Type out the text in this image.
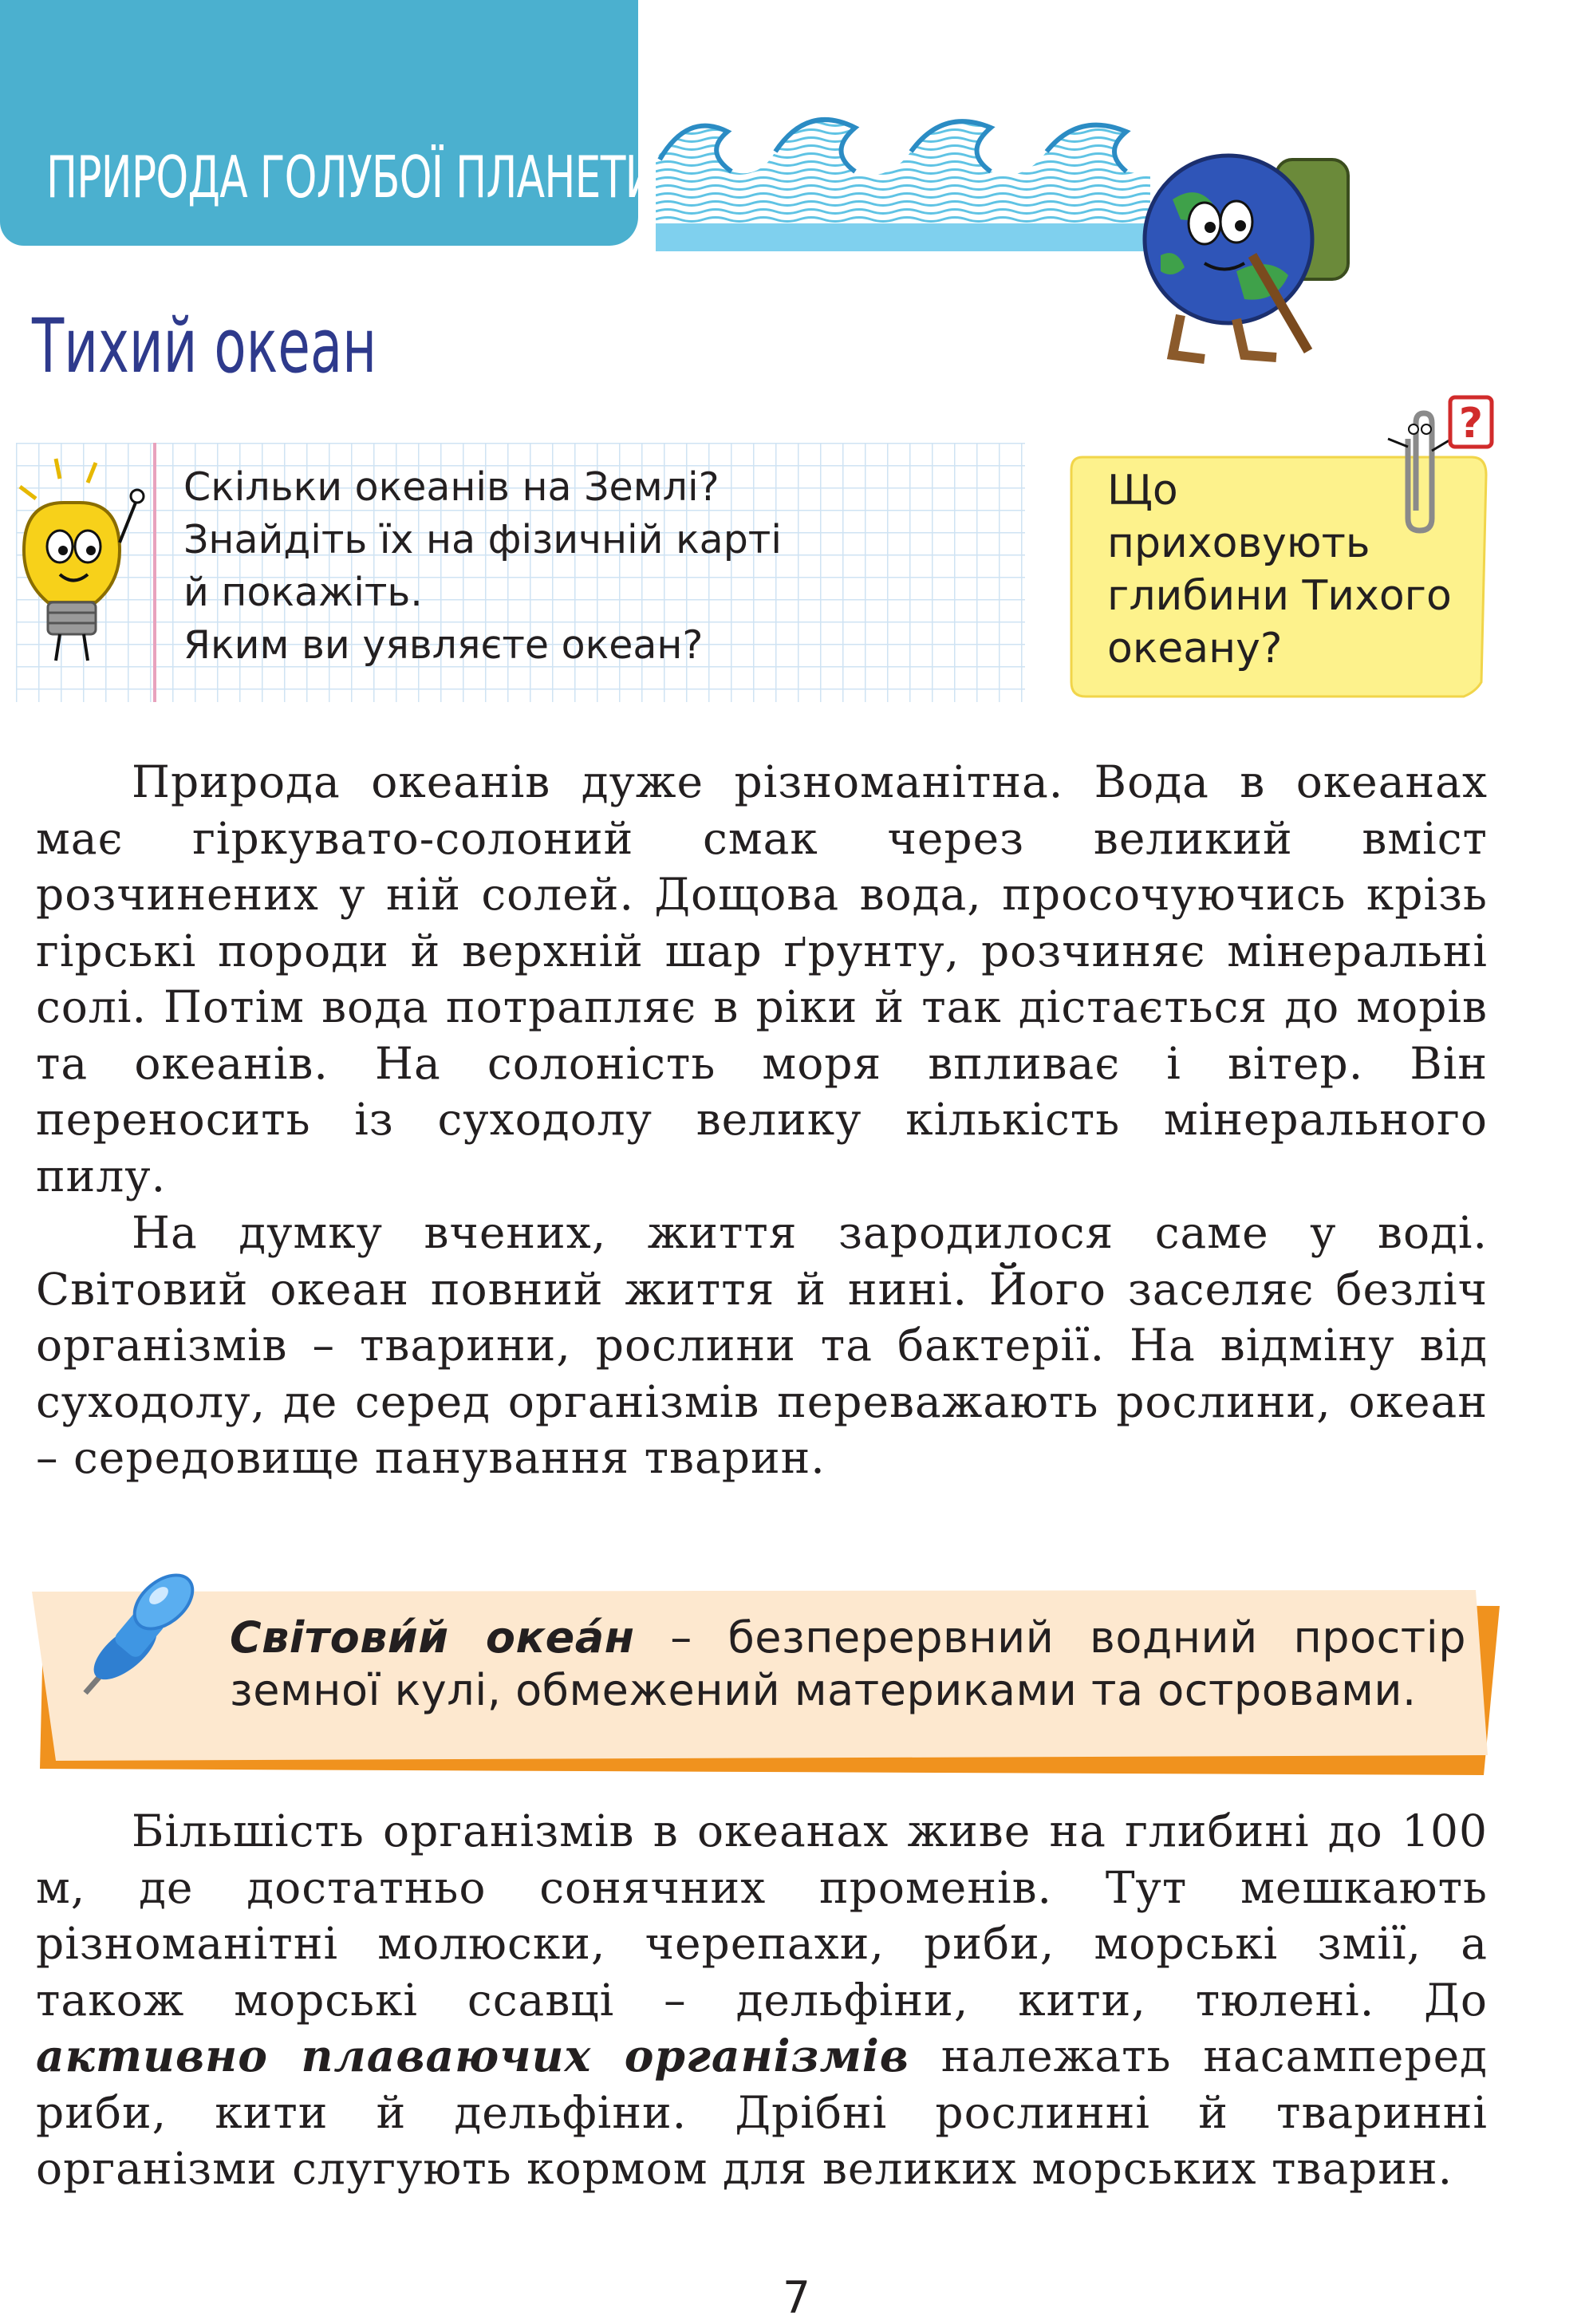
ПРИРОДА ГОЛУБОЇ ПЛАНЕТИ
Тихий океан
Скільки океанів на Землі?
Знайдіть їх на фізичній карті
й покажіть.
Яким ви уявляєте океан?
Що
приховують
глибини Тихого
океану?
?

Природа океанів дуже різноманітна. Вода в океанах має гіркувато-солоний смак через великий вміст розчинених у ній солей. Дощова вода, просочуючись крізь гірські породи й верхній шар ґрунту, розчиняє мінеральні солі. Потім вода потрапляє в ріки й так дістається до морів та океанів. На солоність моря впливає і вітер. Він переносить із суходолу велику кількість мінерального пилу.

На думку вчених, життя зародилося саме у воді. Світовий океан повний життя й нині. Його заселяє безліч організмів – тварини, рослини та бактерії. На відміну від суходолу, де серед організмів переважають рослини, океан – середовище панування тварин.

Світови́й океа́н – безперервний водний простір земної кулі, обмежений материками та островами.

Більшість організмів в океанах живе на глибині до 100 м, де достатньо сонячних променів. Тут мешкають різноманітні молюски, черепахи, риби, морські змії, а також морські ссавці – дельфіни, кити, тюлені. До активно плаваючих організмів належать насамперед риби, кити й дельфіни. Дрібні рослинні й тваринні організми слугують кормом для великих морських тварин.

7
